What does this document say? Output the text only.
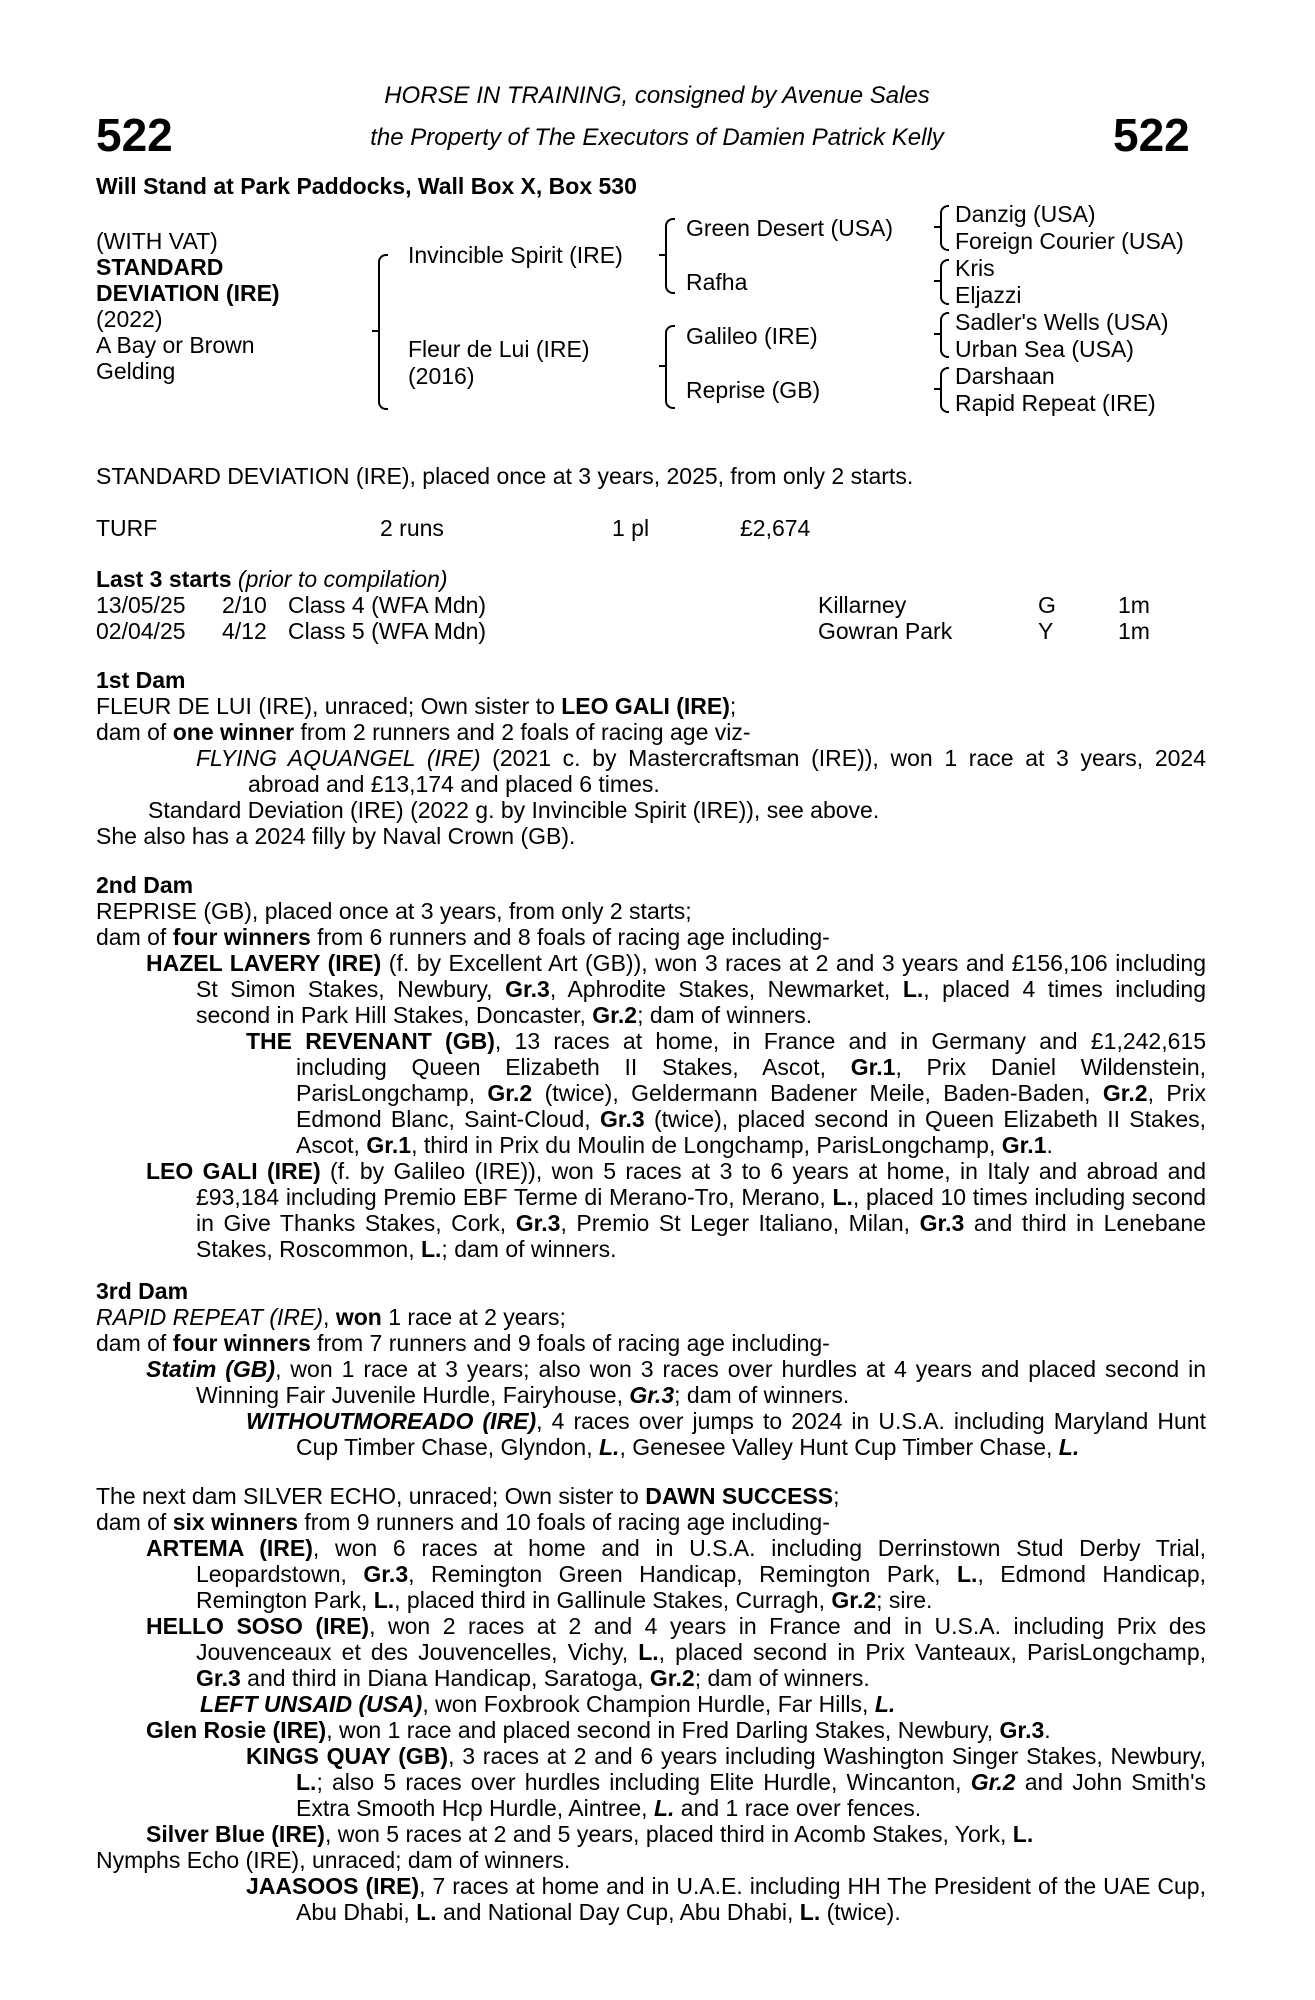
522	522
HORSE IN TRAINING, consigned by Avenue Sales
the Property of The Executors of Damien Patrick Kelly
Will Stand at Park Paddocks, Wall Box X, Box 530
(WITH VAT)
STANDARD
DEVIATION (IRE)
(2022)
A Bay or Brown
Gelding
Invincible Spirit (IRE)
Fleur de Lui (IRE)
(2016)
Green Desert (USA)
Rafha
Galileo (IRE)
Reprise (GB)
Danzig (USA)
Foreign Courier (USA)
Kris
Eljazzi
Sadler's Wells (USA)
Urban Sea (USA)
Darshaan
Rapid Repeat (IRE)
STANDARD DEVIATION (IRE), placed once at 3 years, 2025, from only 2 starts.
TURF	2 runs	1 pl	£2,674
Last 3 starts (prior to compilation)
13/05/25 2/10 Class 4 (WFA Mdn)	Killarney	G	1m
02/04/25 4/12 Class 5 (WFA Mdn)	Gowran Park	Y	1m

1st Dam

FLEUR DE LUI (IRE), unraced; Own sister to LEO GALI (IRE);

dam of one winner from 2 runners and 2 foals of racing age viz-

FLYING AQUANGEL (IRE) (2021 c. by Mastercraftsman (IRE)), won 1 race at 3 years, 2024 abroad and £13,174 and placed 6 times.

Standard Deviation (IRE) (2022 g. by Invincible Spirit (IRE)), see above.

She also has a 2024 filly by Naval Crown (GB).

2nd Dam

REPRISE (GB), placed once at 3 years, from only 2 starts;

dam of four winners from 6 runners and 8 foals of racing age including-

HAZEL LAVERY (IRE) (f. by Excellent Art (GB)), won 3 races at 2 and 3 years and £156,106 including St Simon Stakes, Newbury, Gr.3, Aphrodite Stakes, Newmarket, L., placed 4 times including second in Park Hill Stakes, Doncaster, Gr.2; dam of winners.

THE REVENANT (GB), 13 races at home, in France and in Germany and £1,242,615 including Queen Elizabeth II Stakes, Ascot, Gr.1, Prix Daniel Wildenstein, ParisLongchamp, Gr.2 (twice), Geldermann Badener Meile, Baden-Baden, Gr.2, Prix Edmond Blanc, Saint-Cloud, Gr.3 (twice), placed second in Queen Elizabeth II Stakes, Ascot, Gr.1, third in Prix du Moulin de Longchamp, ParisLongchamp, Gr.1.

LEO GALI (IRE) (f. by Galileo (IRE)), won 5 races at 3 to 6 years at home, in Italy and abroad and £93,184 including Premio EBF Terme di Merano-Tro, Merano, L., placed 10 times including second in Give Thanks Stakes, Cork, Gr.3, Premio St Leger Italiano, Milan, Gr.3 and third in Lenebane Stakes, Roscommon, L.; dam of winners.

3rd Dam

RAPID REPEAT (IRE), won 1 race at 2 years;

dam of four winners from 7 runners and 9 foals of racing age including-

Statim (GB), won 1 race at 3 years; also won 3 races over hurdles at 4 years and placed second in Winning Fair Juvenile Hurdle, Fairyhouse, Gr.3; dam of winners.

WITHOUTMOREADO (IRE), 4 races over jumps to 2024 in U.S.A. including Maryland Hunt Cup Timber Chase, Glyndon, L., Genesee Valley Hunt Cup Timber Chase, L.

The next dam SILVER ECHO, unraced; Own sister to DAWN SUCCESS;

dam of six winners from 9 runners and 10 foals of racing age including-

ARTEMA (IRE), won 6 races at home and in U.S.A. including Derrinstown Stud Derby Trial, Leopardstown, Gr.3, Remington Green Handicap, Remington Park, L., Edmond Handicap, Remington Park, L., placed third in Gallinule Stakes, Curragh, Gr.2; sire.

HELLO SOSO (IRE), won 2 races at 2 and 4 years in France and in U.S.A. including Prix des Jouvenceaux et des Jouvencelles, Vichy, L., placed second in Prix Vanteaux, ParisLongchamp, Gr.3 and third in Diana Handicap, Saratoga, Gr.2; dam of winners.

LEFT UNSAID (USA), won Foxbrook Champion Hurdle, Far Hills, L.

Glen Rosie (IRE), won 1 race and placed second in Fred Darling Stakes, Newbury, Gr.3.

KINGS QUAY (GB), 3 races at 2 and 6 years including Washington Singer Stakes, Newbury, L.; also 5 races over hurdles including Elite Hurdle, Wincanton, Gr.2 and John Smith's Extra Smooth Hcp Hurdle, Aintree, L. and 1 race over fences.

Silver Blue (IRE), won 5 races at 2 and 5 years, placed third in Acomb Stakes, York, L.

Nymphs Echo (IRE), unraced; dam of winners.

JAASOOS (IRE), 7 races at home and in U.A.E. including HH The President of the UAE Cup, Abu Dhabi, L. and National Day Cup, Abu Dhabi, L. (twice).
